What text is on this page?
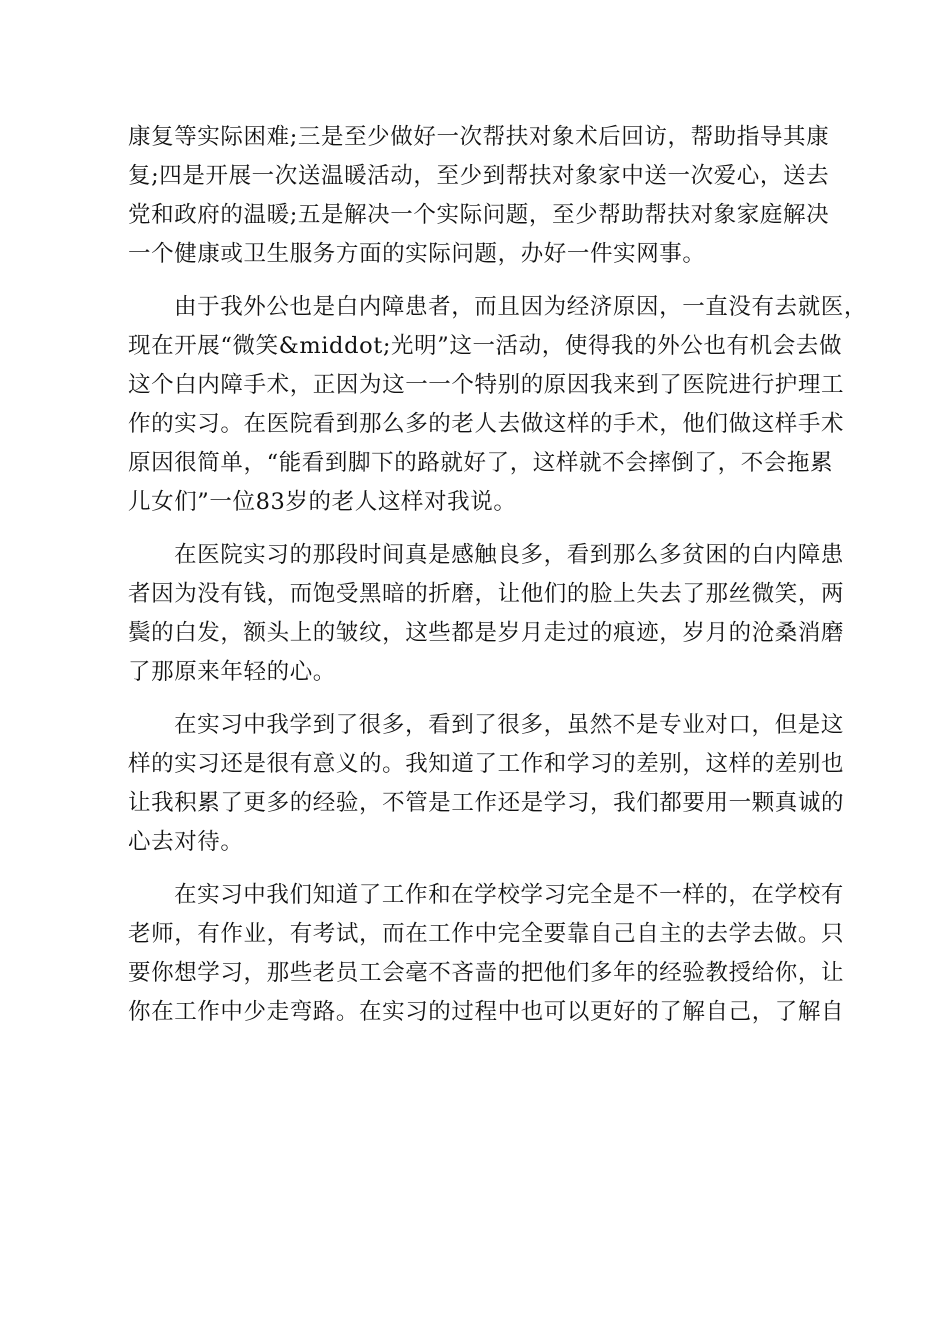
康复等实际困难;三是至少做好一次帮扶对象术后回访，帮助指导其康
复;四是开展一次送温暖活动，至少到帮扶对象家中送一次爱心，送去
党和政府的温暖;五是解决一个实际问题，至少帮助帮扶对象家庭解决
一个健康或卫生服务方面的实际问题，办好一件实网事。
由于我外公也是白内障患者，而且因为经济原因，一直没有去就医，
现在开展“微笑&middot;光明”这一活动，使得我的外公也有机会去做
这个白内障手术，正因为这一一个特别的原因我来到了医院进行护理工
作的实习。在医院看到那么多的老人去做这样的手术，他们做这样手术
原因很简单，“能看到脚下的路就好了，这样就不会摔倒了，不会拖累
儿女们”一位83岁的老人这样对我说。
在医院实习的那段时间真是感触良多，看到那么多贫困的白内障患
者因为没有钱，而饱受黑暗的折磨，让他们的脸上失去了那丝微笑，两
鬓的白发，额头上的皱纹，这些都是岁月走过的痕迹，岁月的沧桑消磨
了那原来年轻的心。
在实习中我学到了很多，看到了很多，虽然不是专业对口，但是这
样的实习还是很有意义的。我知道了工作和学习的差别，这样的差别也
让我积累了更多的经验，不管是工作还是学习，我们都要用一颗真诚的
心去对待。
在实习中我们知道了工作和在学校学习完全是不一样的，在学校有
老师，有作业，有考试，而在工作中完全要靠自己自主的去学去做。只
要你想学习，那些老员工会毫不吝啬的把他们多年的经验教授给你，让
你在工作中少走弯路。在实习的过程中也可以更好的了解自己，了解自
